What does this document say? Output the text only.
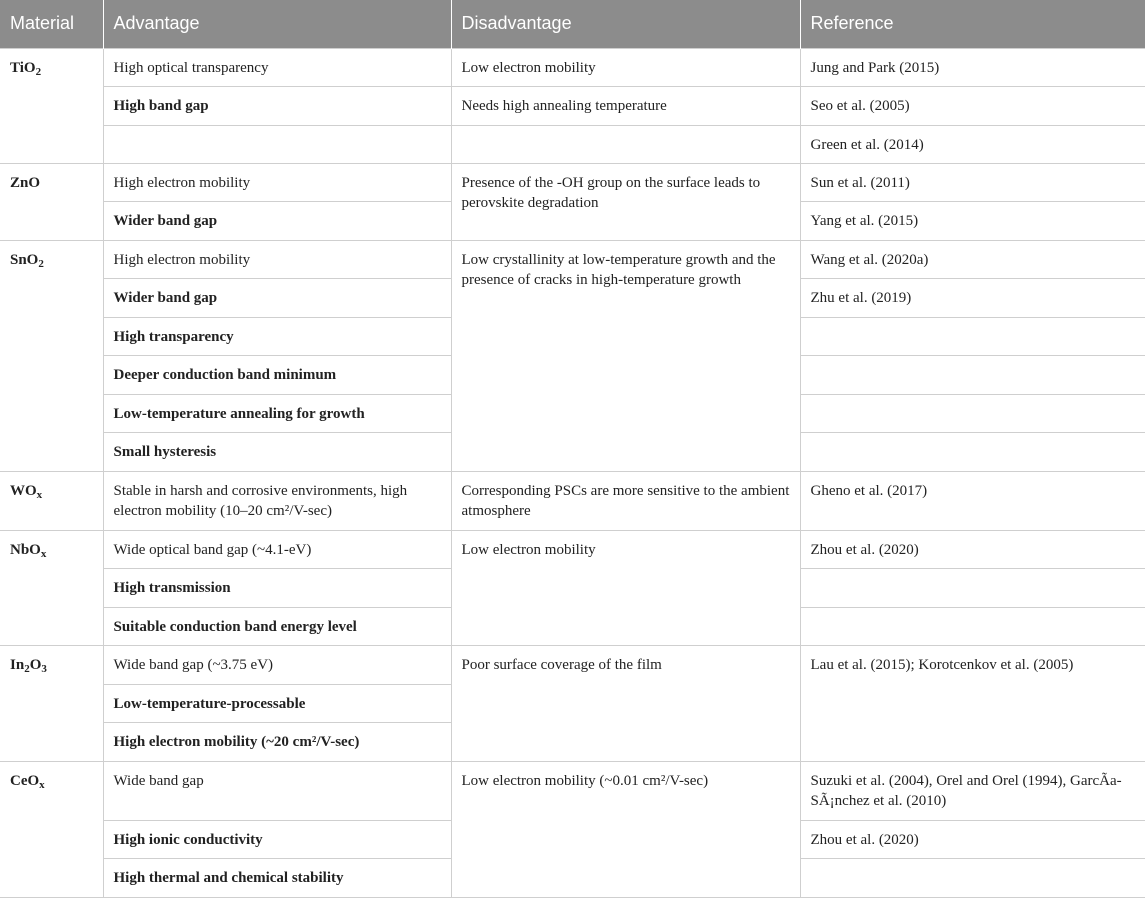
Material	Advantage	Disadvantage	Reference
TiO$_2$	High optical transparency	Low electron mobility	Jung and Park (2015)
	High band gap	Needs high annealing temperature	Seo et al. (2005)
			Green et al. (2014)
ZnO	High electron mobility	Presence of the -OH group on the surface leads to perovskite degradation	Sun et al. (2011)
	Wider band gap		Yang et al. (2015)
SnO$_2$	High electron mobility	Low crystallinity at low-temperature growth and the presence of cracks in high-temperature growth	Wang et al. (2020a)
	Wider band gap		Zhu et al. (2019)
	High transparency		
	Deeper conduction band minimum		
	Low-temperature annealing for growth		
	Small hysteresis		
$WO_x$	Stable in harsh and corrosive environments, high electron mobility (10–20 cm²/V-sec)	Corresponding PSCs are more sensitive to the ambient atmosphere	Gheno et al. (2017)
NbO$_x$	Wide optical band gap (~4.1-eV)	Low electron mobility	Zhou et al. (2020)
	High transmission		
	Suitable conduction band energy level		
$In_2O_3$	Wide band gap (~3.75 eV)	Poor surface coverage of the film	Lau et al. (2015); Korotcenkov et al. (2005)
	Low-temperature-processable		
	High electron mobility (~20 cm²/V-sec)		
CeO$_x$	Wide band gap	Low electron mobility (~0.01 cm²/V-sec)	Suzuki et al. (2004), Orel and Orel (1994), GarcÃa-SÃ¡nchez et al. (2010)
	High ionic conductivity		Zhou et al. (2020)
	High thermal and chemical stability		
